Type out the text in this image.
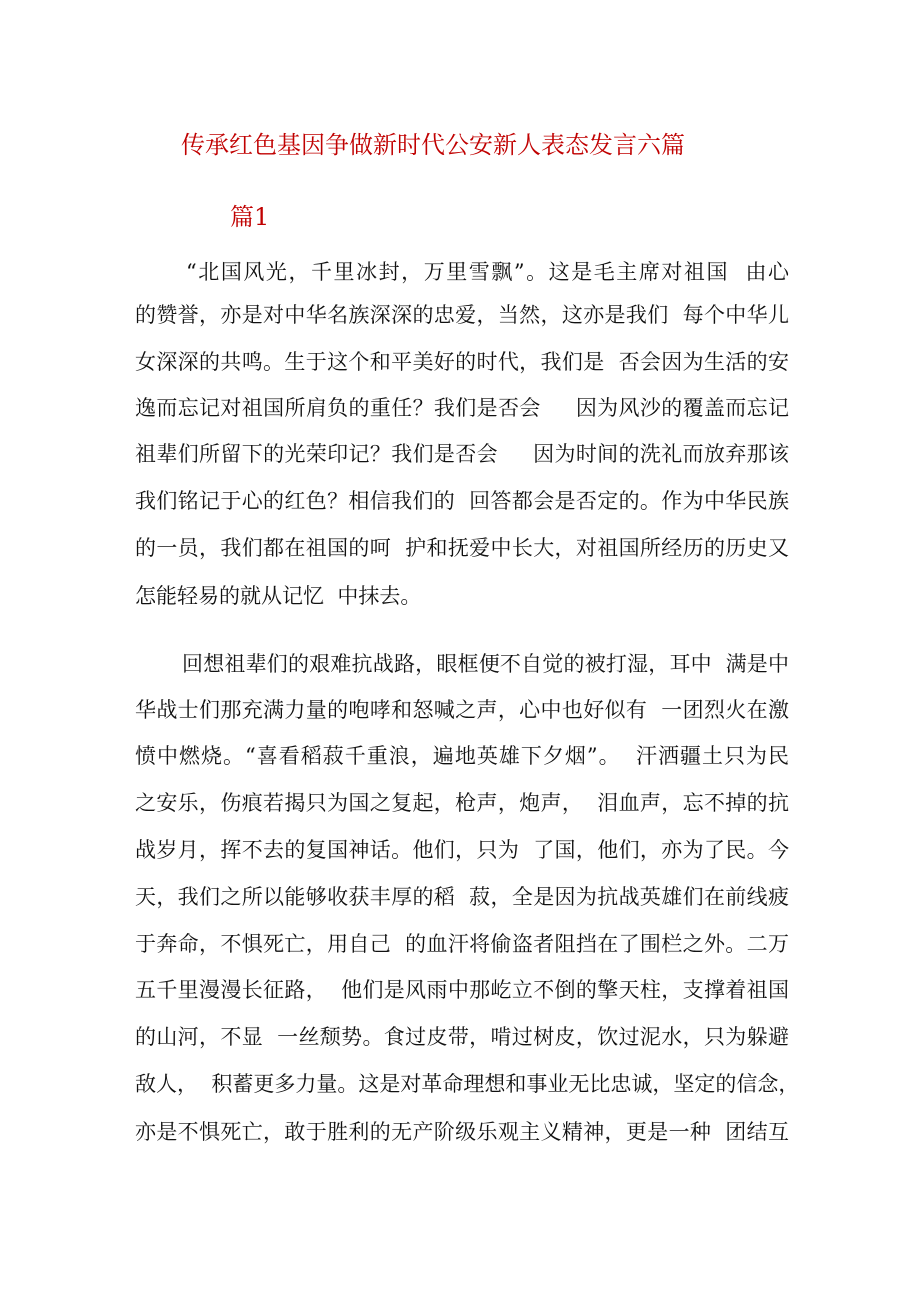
传承红色基因争做新时代公安新人表态发言六篇
篇1

“北国风光，千里冰封，万里雪飘”。这是毛主席对祖国  由心

的赞誉，亦是对中华名族深深的忠爱，当然，这亦是我们  每个中华儿

女深深的共鸣。生于这个和平美好的时代，我们是  否会因为生活的安

逸而忘记对祖国所肩负的重任？我们是否会     因为风沙的覆盖而忘记

祖辈们所留下的光荣印记？我们是否会     因为时间的洗礼而放弃那该

我们铭记于心的红色？相信我们的  回答都会是否定的。作为中华民族

的一员，我们都在祖国的呵  护和抚爱中长大，对祖国所经历的历史又

怎能轻易的就从记忆  中抹去。

回想祖辈们的艰难抗战路，眼框便不自觉的被打湿，耳中  满是中

华战士们那充满力量的咆哮和怒喊之声，心中也好似有  一团烈火在激

愤中燃烧。“喜看稻菽千重浪，遍地英雄下夕烟”。  汗洒疆土只为民

之安乐，伤痕若揭只为国之复起，枪声，炮声，  泪血声，忘不掉的抗

战岁月，挥不去的复国神话。他们，只为  了国，他们，亦为了民。今

天，我们之所以能够收获丰厚的稻  菽，全是因为抗战英雄们在前线疲

于奔命，不惧死亡，用自己  的血汗将偷盗者阻挡在了围栏之外。二万

五千里漫漫长征路，  他们是风雨中那屹立不倒的擎天柱，支撑着祖国

的山河，不显  一丝颓势。食过皮带，啃过树皮，饮过泥水，只为躲避

敌人，  积蓄更多力量。这是对革命理想和事业无比忠诚，坚定的信念，

亦是不惧死亡，敢于胜利的无产阶级乐观主义精神，更是一种  团结互
